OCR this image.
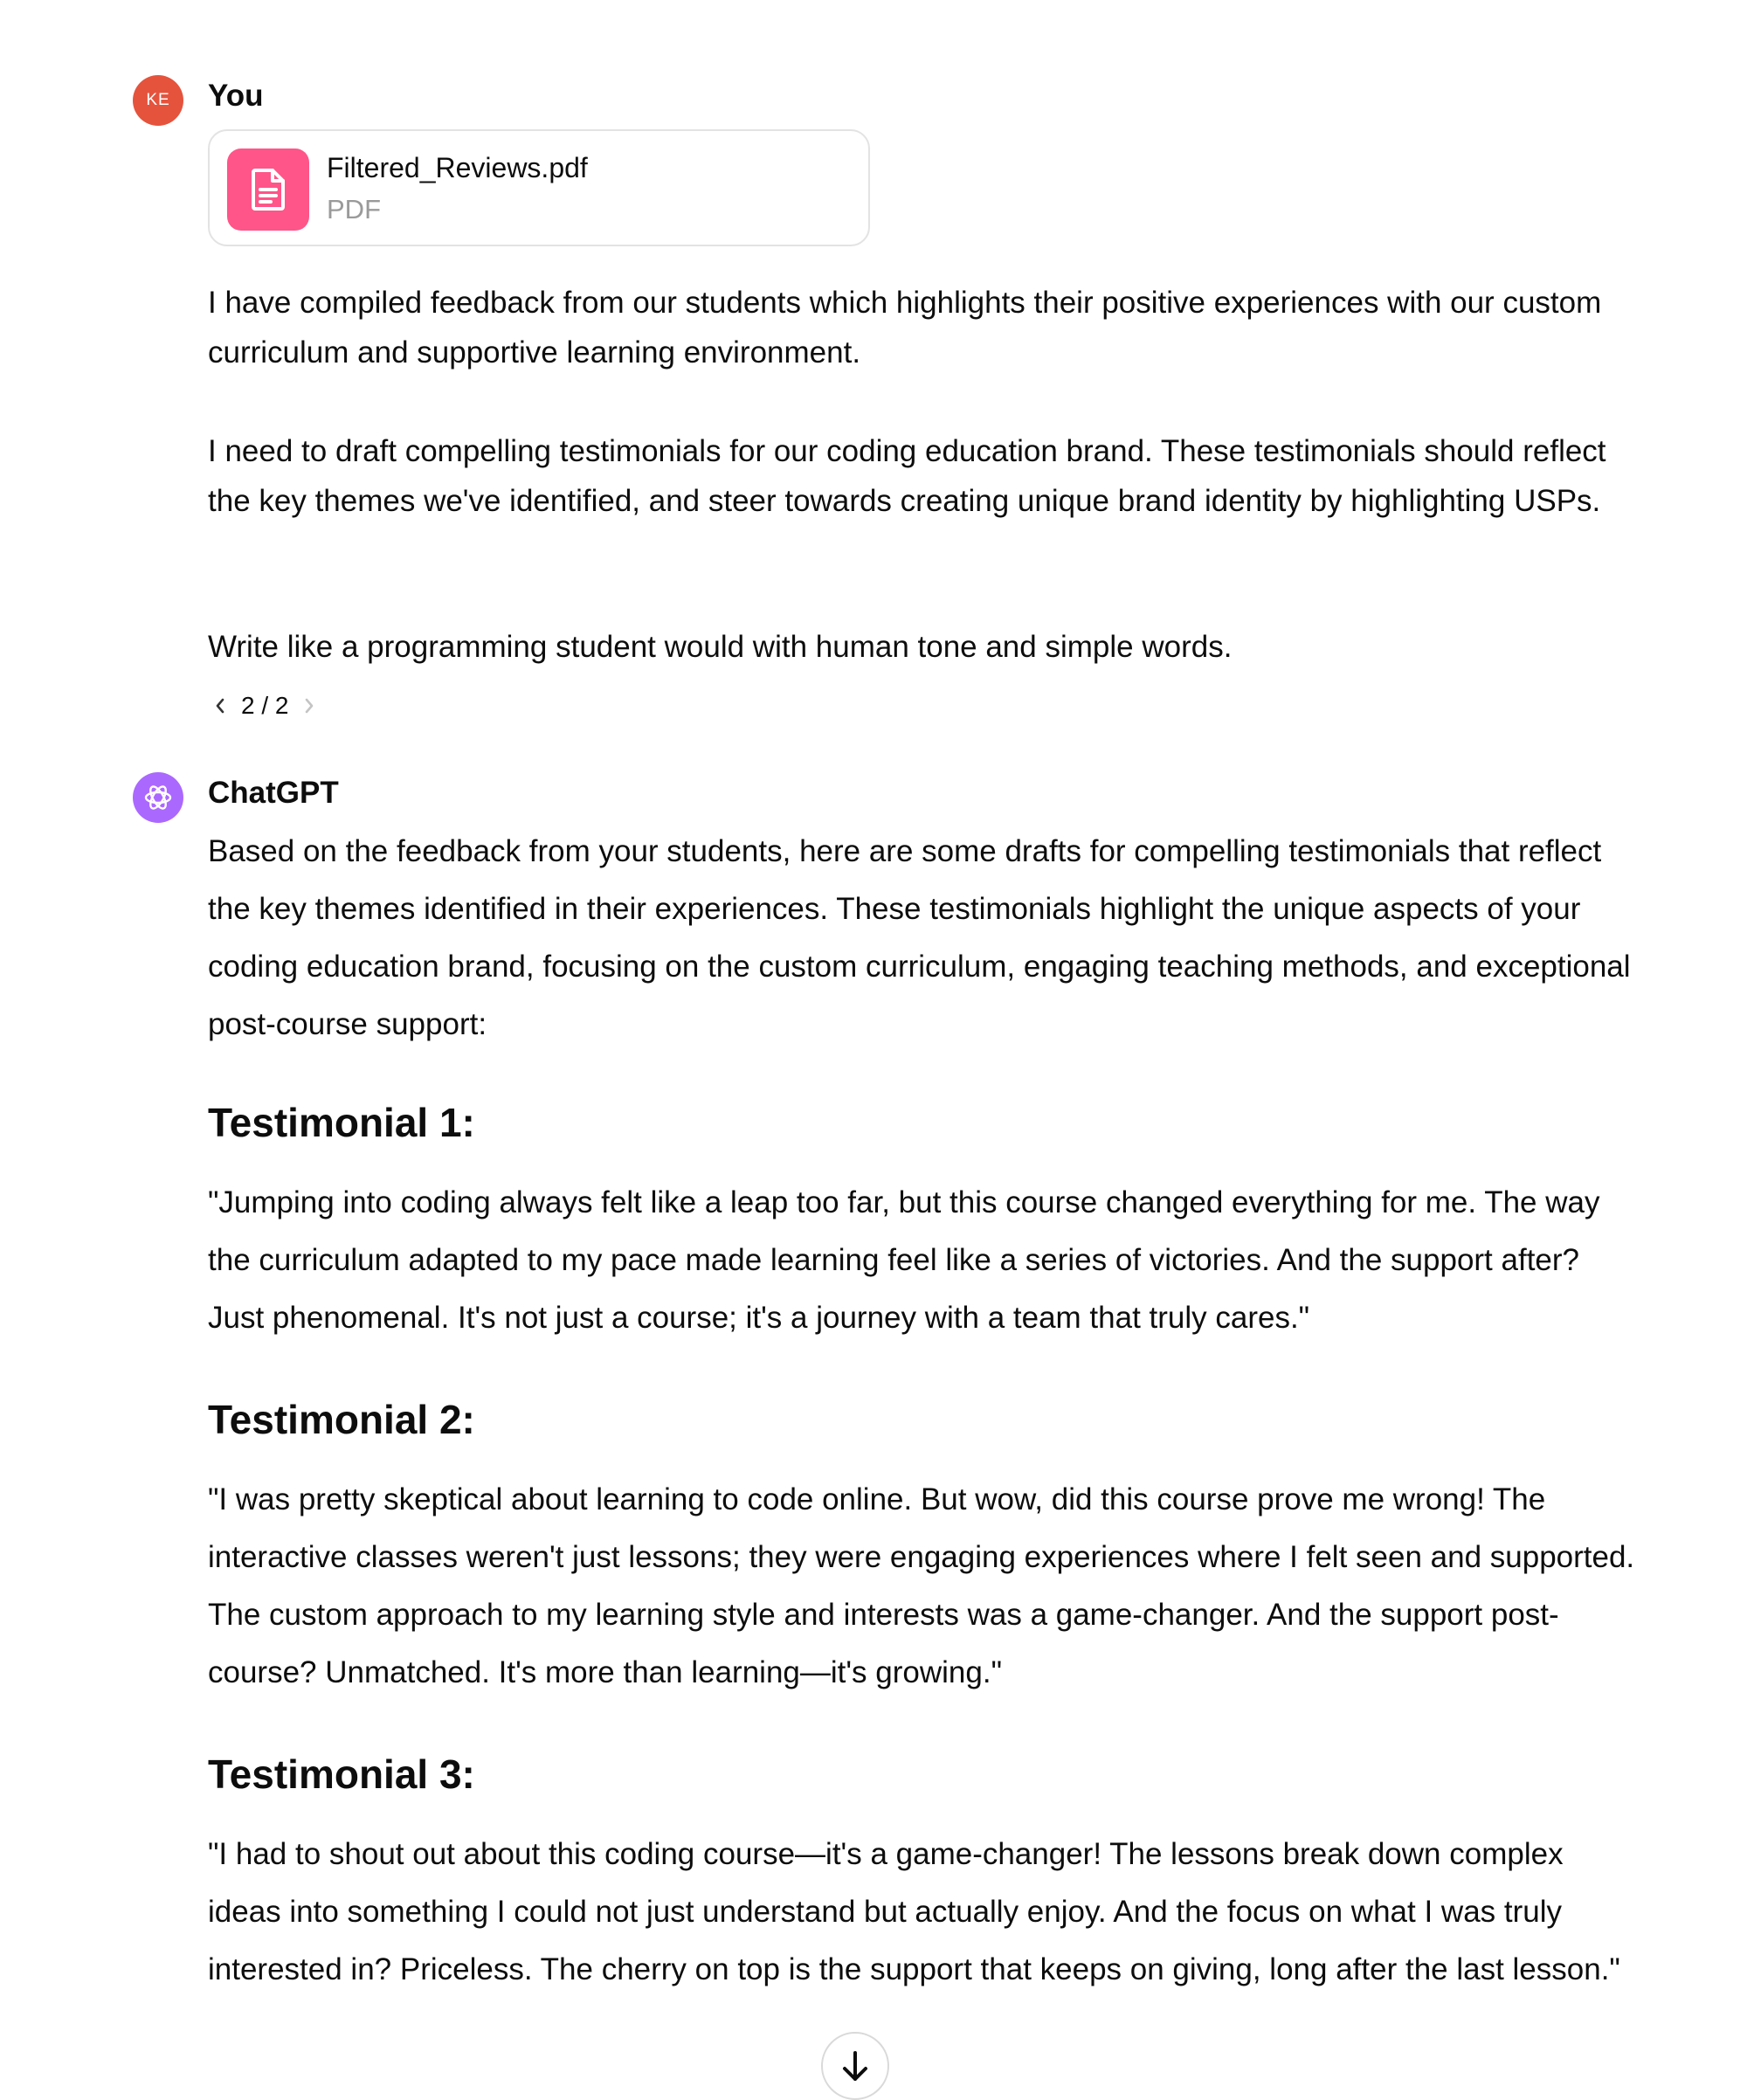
KE You
Filtered_Reviews.pdf
PDF
I have compiled feedback from our students which highlights their positive experiences with our custom curriculum and supportive learning environment.
I need to draft compelling testimonials for our coding education brand. These testimonials should reflect the key themes we've identified, and steer towards creating unique brand identity by highlighting USPs.
Write like a programming student would with human tone and simple words.
2 / 2
ChatGPT
Based on the feedback from your students, here are some drafts for compelling testimonials that reflect the key themes identified in their experiences. These testimonials highlight the unique aspects of your coding education brand, focusing on the custom curriculum, engaging teaching methods, and exceptional post-course support:
Testimonial 1:
"Jumping into coding always felt like a leap too far, but this course changed everything for me. The way the curriculum adapted to my pace made learning feel like a series of victories. And the support after? Just phenomenal. It's not just a course; it's a journey with a team that truly cares."
Testimonial 2:
"I was pretty skeptical about learning to code online. But wow, did this course prove me wrong! The interactive classes weren't just lessons; they were engaging experiences where I felt seen and supported. The custom approach to my learning style and interests was a game-changer. And the support post-course? Unmatched. It's more than learning—it's growing."
Testimonial 3:
"I had to shout out about this coding course—it's a game-changer! The lessons break down complex ideas into something I could not just understand but actually enjoy. And the focus on what I was truly interested in? Priceless. The cherry on top is the support that keeps on giving, long after the last lesson."
